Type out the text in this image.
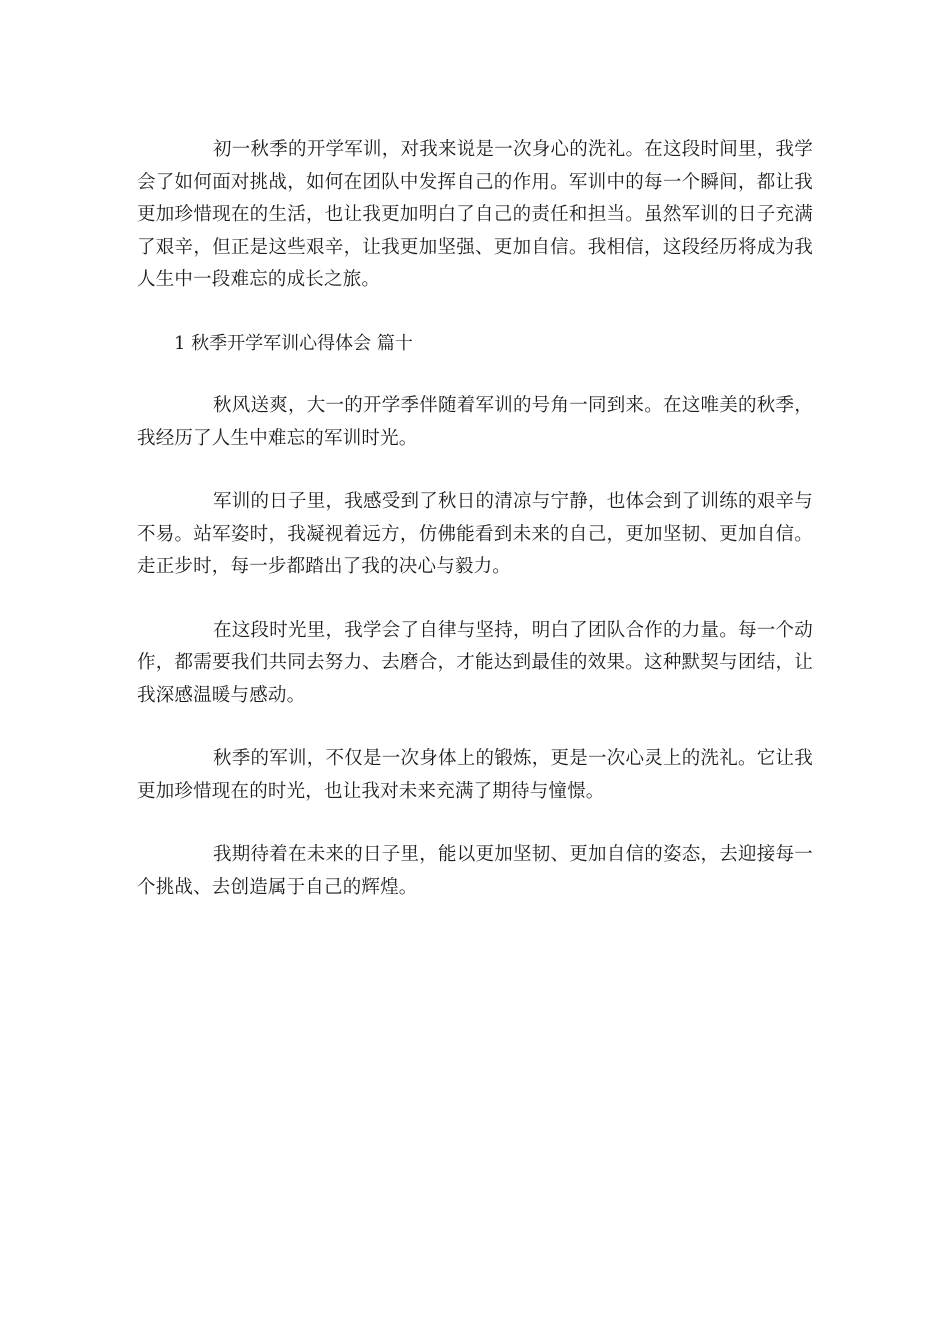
初一秋季的开学军训，对我来说是一次身心的洗礼。在这段时间里，我学会了如何面对挑战，如何在团队中发挥自己的作用。军训中的每一个瞬间，都让我更加珍惜现在的生活，也让我更加明白了自己的责任和担当。虽然军训的日子充满了艰辛，但正是这些艰辛，让我更加坚强、更加自信。我相信，这段经历将成为我人生中一段难忘的成长之旅。

1 秋季开学军训心得体会 篇十

秋风送爽，大一的开学季伴随着军训的号角一同到来。在这唯美的秋季，我经历了人生中难忘的军训时光。

军训的日子里，我感受到了秋日的清凉与宁静，也体会到了训练的艰辛与不易。站军姿时，我凝视着远方，仿佛能看到未来的自己，更加坚韧、更加自信。走正步时，每一步都踏出了我的决心与毅力。

在这段时光里，我学会了自律与坚持，明白了团队合作的力量。每一个动作，都需要我们共同去努力、去磨合，才能达到最佳的效果。这种默契与团结，让我深感温暖与感动。

秋季的军训，不仅是一次身体上的锻炼，更是一次心灵上的洗礼。它让我更加珍惜现在的时光，也让我对未来充满了期待与憧憬。

我期待着在未来的日子里，能以更加坚韧、更加自信的姿态，去迎接每一个挑战、去创造属于自己的辉煌。
